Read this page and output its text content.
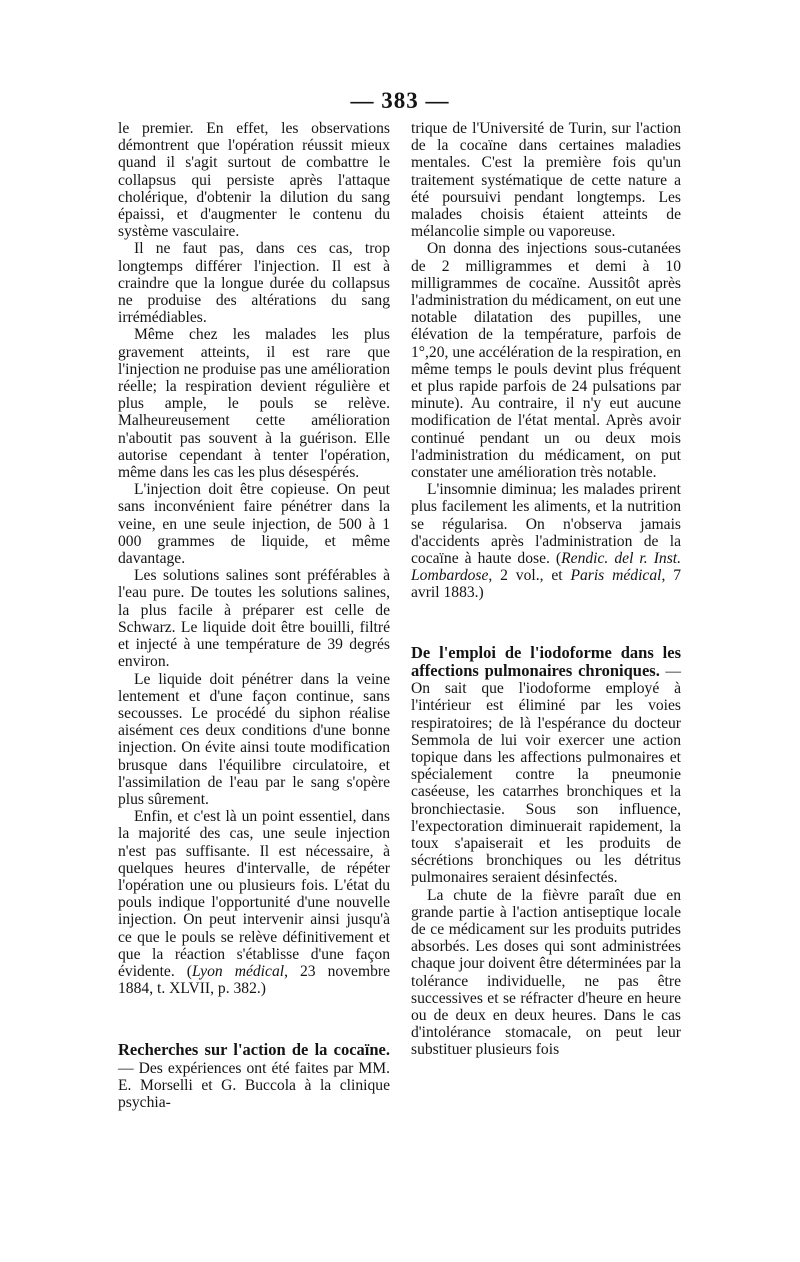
— 383 —

le premier. En effet, les observations démontrent que l'opération réussit mieux quand il s'agit surtout de combattre le collapsus qui persiste après l'attaque cholérique, d'obtenir la dilution du sang épaissi, et d'augmenter le contenu du système vasculaire.

Il ne faut pas, dans ces cas, trop longtemps différer l'injection. Il est à craindre que la longue durée du collapsus ne produise des altérations du sang irrémédiables.

Même chez les malades les plus gravement atteints, il est rare que l'injection ne produise pas une amélioration réelle; la respiration devient régulière et plus ample, le pouls se relève. Malheureusement cette amélioration n'aboutit pas souvent à la guérison. Elle autorise cependant à tenter l'opération, même dans les cas les plus désespérés.

L'injection doit être copieuse. On peut sans inconvénient faire pénétrer dans la veine, en une seule injection, de 500 à 1 000 grammes de liquide, et même davantage.

Les solutions salines sont préférables à l'eau pure. De toutes les solutions salines, la plus facile à préparer est celle de Schwarz. Le liquide doit être bouilli, filtré et injecté à une température de 39 degrés environ.

Le liquide doit pénétrer dans la veine lentement et d'une façon continue, sans secousses. Le procédé du siphon réalise aisément ces deux conditions d'une bonne injection. On évite ainsi toute modification brusque dans l'équilibre circulatoire, et l'assimilation de l'eau par le sang s'opère plus sûrement.

Enfin, et c'est là un point essentiel, dans la majorité des cas, une seule injection n'est pas suffisante. Il est nécessaire, à quelques heures d'intervalle, de répéter l'opération une ou plusieurs fois. L'état du pouls indique l'opportunité d'une nouvelle injection. On peut intervenir ainsi jusqu'à ce que le pouls se relève définitivement et que la réaction s'établisse d'une façon évidente. (Lyon médical, 23 novembre 1884, t. XLVII, p. 382.)

Recherches sur l'action de la cocaïne.— Des expériences ont été faites par MM. E. Morselli et G. Buccola à la clinique psychia-

trique de l'Université de Turin, sur l'action de la cocaïne dans certaines maladies mentales. C'est la première fois qu'un traitement systématique de cette nature a été poursuivi pendant longtemps. Les malades choisis étaient atteints de mélancolie simple ou vaporeuse.

On donna des injections sous-cutanées de 2 milligrammes et demi à 10 milligrammes de cocaïne. Aussitôt après l'administration du médicament, on eut une notable dilatation des pupilles, une élévation de la température, parfois de 1°,20, une accélération de la respiration, en même temps le pouls devint plus fréquent et plus rapide parfois de 24 pulsations par minute). Au contraire, il n'y eut aucune modification de l'état mental. Après avoir continué pendant un ou deux mois l'administration du médicament, on put constater une amélioration très notable.

L'insomnie diminua; les malades prirent plus facilement les aliments, et la nutrition se régularisa. On n'observa jamais d'accidents après l'administration de la cocaïne à haute dose. (Rendic. del r. Inst. Lombardose, 2 vol., et Paris médical, 7 avril 1883.)

De l'emploi de l'iodoforme dans les affections pulmonaires chroniques. — On sait que l'iodoforme employé à l'intérieur est éliminé par les voies respiratoires; de là l'espérance du docteur Semmola de lui voir exercer une action topique dans les affections pulmonaires et spécialement contre la pneumonie caséeuse, les catarrhes bronchiques et la bronchiectasie. Sous son influence, l'expectoration diminuerait rapidement, la toux s'apaiserait et les produits de sécrétions bronchiques ou les détritus pulmonaires seraient désinfectés.

La chute de la fièvre paraît due en grande partie à l'action antiseptique locale de ce médicament sur les produits putrides absorbés. Les doses qui sont administrées chaque jour doivent être déterminées par la tolérance individuelle, ne pas être successives et se réfracter d'heure en heure ou de deux en deux heures. Dans le cas d'intolérance stomacale, on peut leur substituer plusieurs fois
